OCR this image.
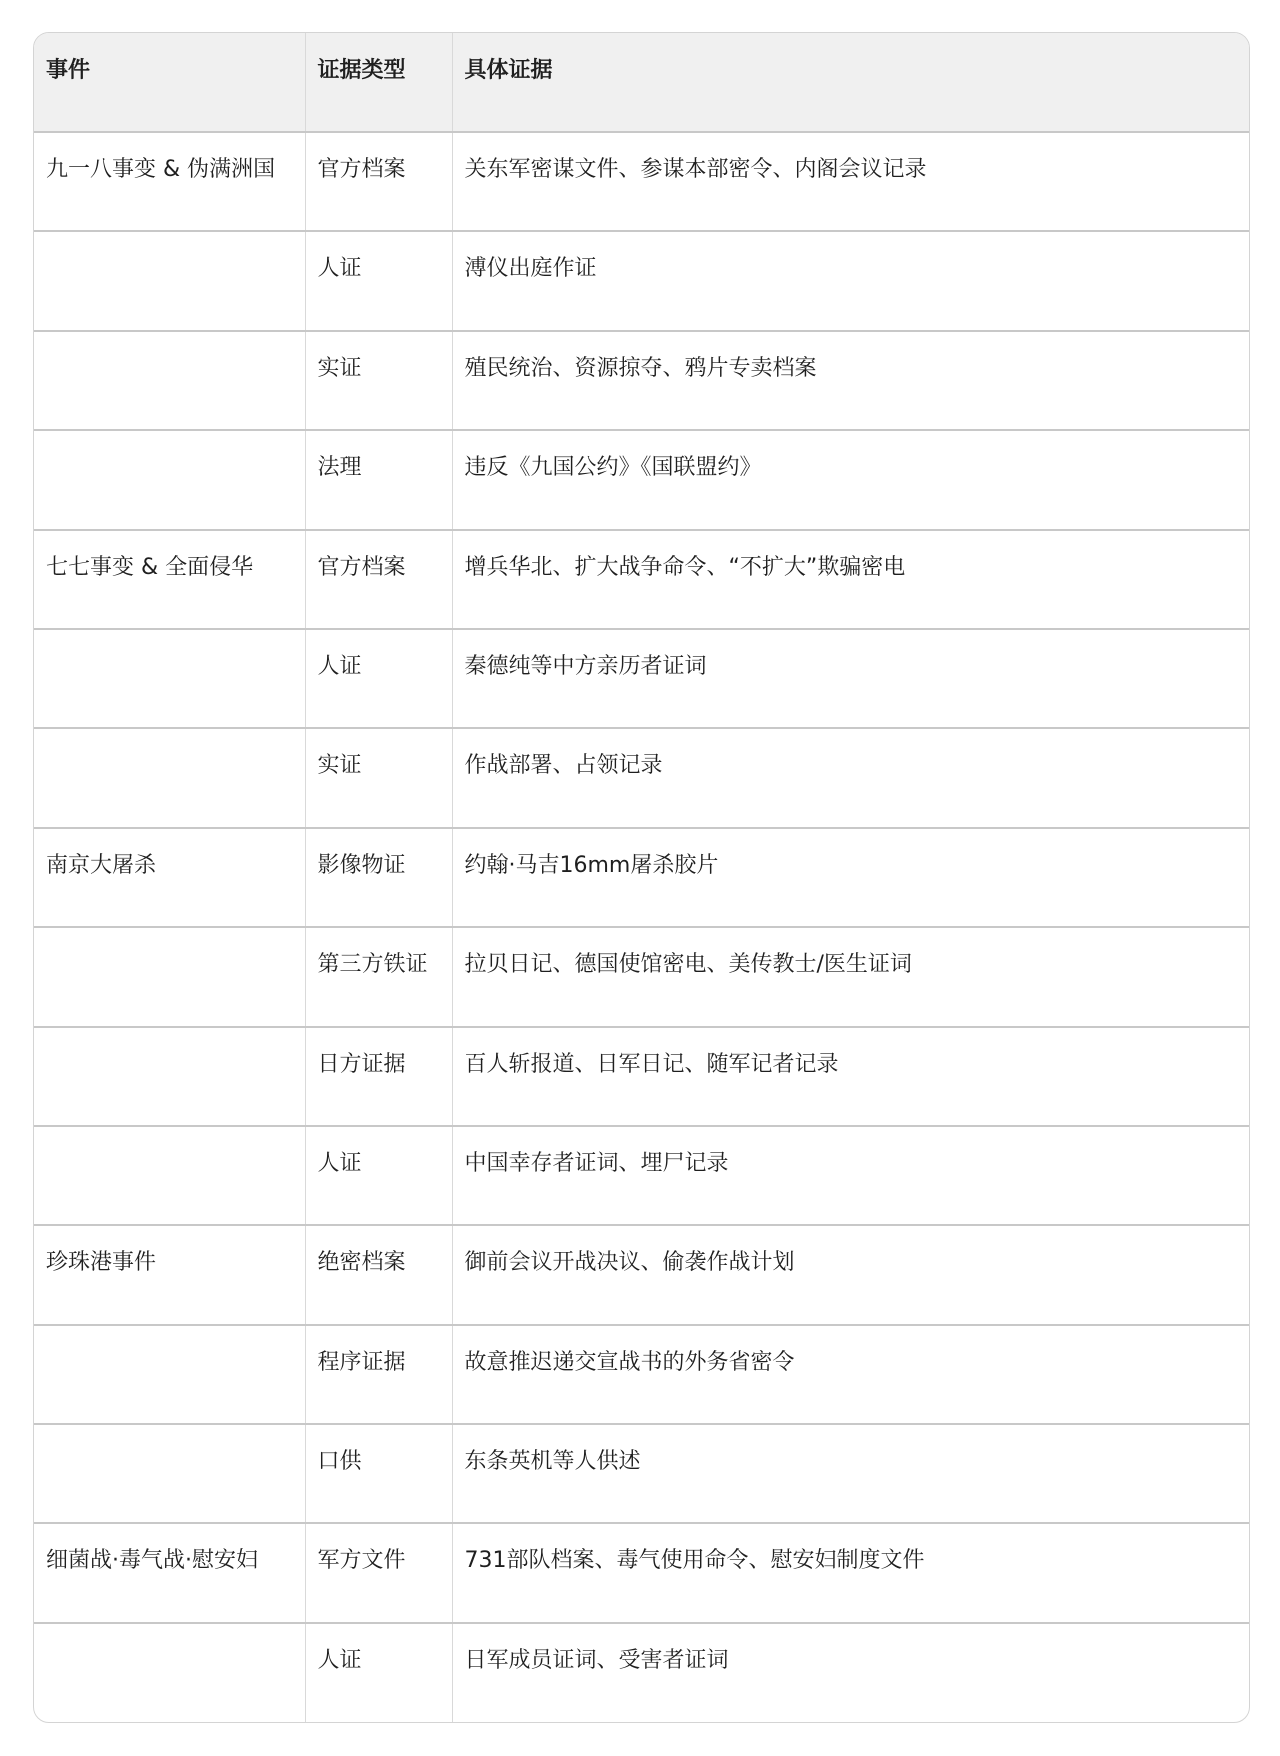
事件	证据类型	具体证据
九一八事变 & 伪满洲国	官方档案	关东军密谋文件、参谋本部密令、内阁会议记录
	人证	溥仪出庭作证
	实证	殖民统治、资源掠夺、鸦片专卖档案
	法理	违反《九国公约》《国联盟约》
七七事变 & 全面侵华	官方档案	增兵华北、扩大战争命令、“不扩大”欺骗密电
	人证	秦德纯等中方亲历者证词
	实证	作战部署、占领记录
南京大屠杀	影像物证	约翰·马吉16mm屠杀胶片
	第三方铁证	拉贝日记、德国使馆密电、美传教士/医生证词
	日方证据	百人斩报道、日军日记、随军记者记录
	人证	中国幸存者证词、埋尸记录
珍珠港事件	绝密档案	御前会议开战决议、偷袭作战计划
	程序证据	故意推迟递交宣战书的外务省密令
	口供	东条英机等人供述
细菌战·毒气战·慰安妇	军方文件	731部队档案、毒气使用命令、慰安妇制度文件
	人证	日军成员证词、受害者证词
